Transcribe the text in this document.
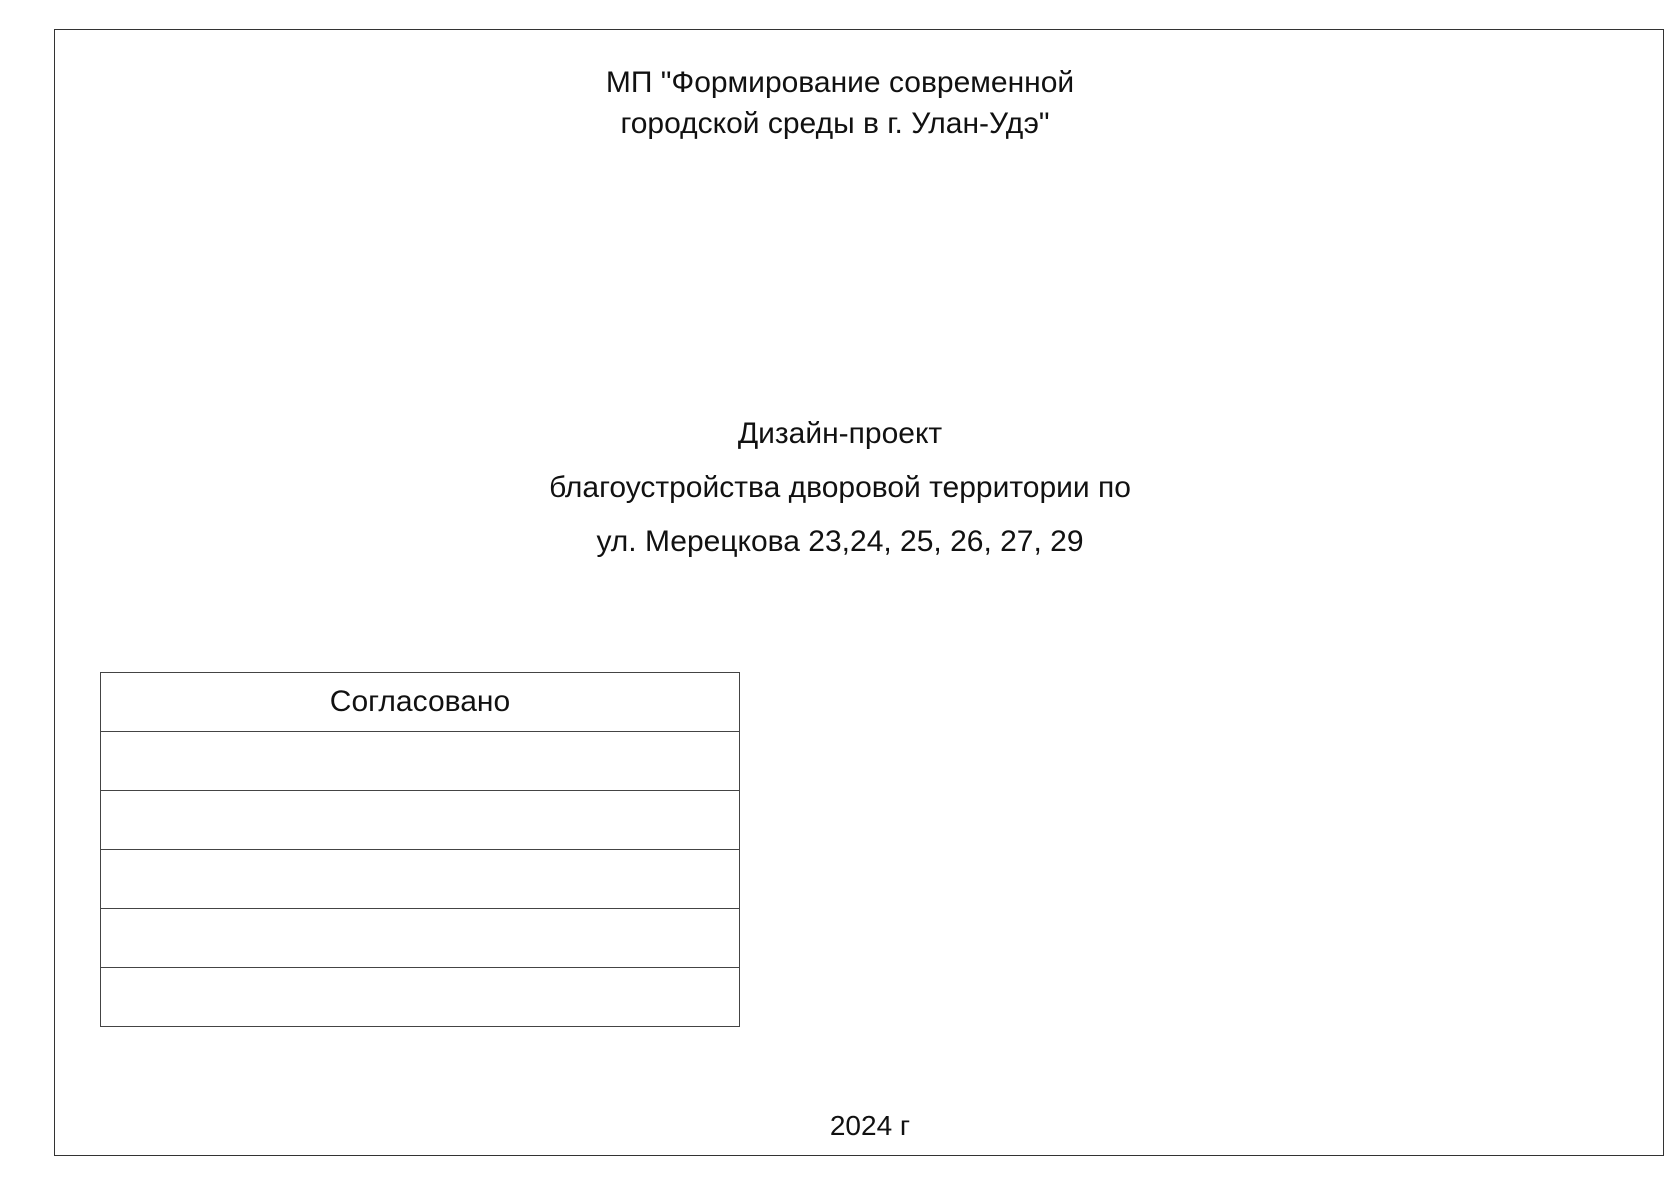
МП "Формирование современной
городской среды в г. Улан-Удэ"
Дизайн-проект
благоустройства дворовой территории по
ул. Мерецкова 23,24, 25, 26, 27, 29
Согласовано

2024 г
